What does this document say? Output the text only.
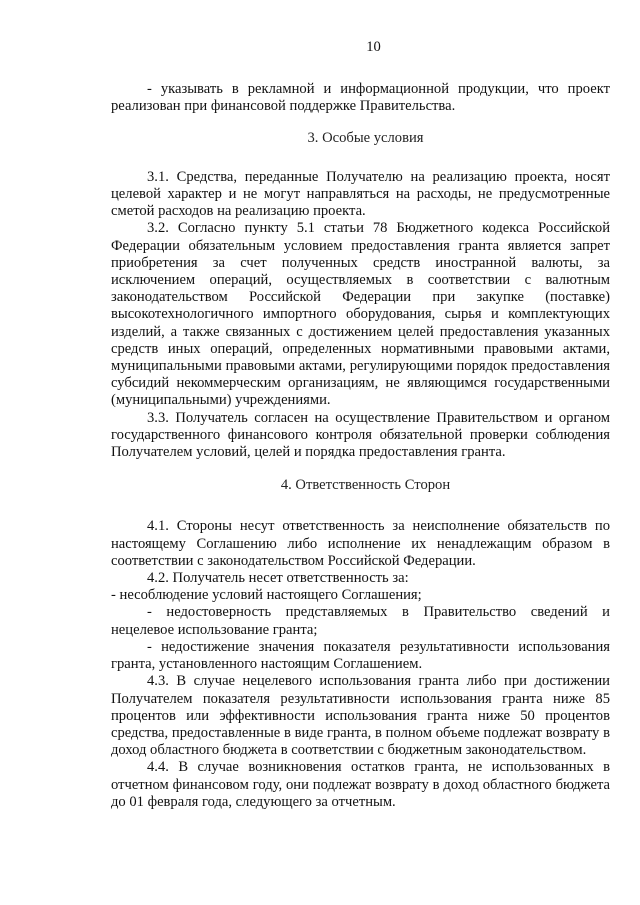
10

- указывать в рекламной и информационной продукции, что проект реализован при финансовой поддержке Правительства.

3. Особые условия

3.1. Средства, переданные Получателю на реализацию проекта, носят целевой характер и не могут направляться на расходы, не предусмотренные сметой расходов на реализацию проекта.

3.2. Согласно пункту 5.1 статьи 78 Бюджетного кодекса Российской Федерации обязательным условием предоставления гранта является запрет приобретения за счет полученных средств иностранной валюты, за исключением операций, осуществляемых в соответствии с валютным законодательством Российской Федерации при закупке (поставке) высокотехнологичного импортного оборудования, сырья и комплектующих изделий, а также связанных с достижением целей предоставления указанных средств иных операций, определенных нормативными правовыми актами, муниципальными правовыми актами, регулирующими порядок предоставления субсидий некоммерческим организациям, не являющимся государственными (муниципальными) учреждениями.

3.3. Получатель согласен на осуществление Правительством и органом государственного финансового контроля обязательной проверки соблюдения Получателем условий, целей и порядка предоставления гранта.

4. Ответственность Сторон

4.1. Стороны несут ответственность за неисполнение обязательств по настоящему Соглашению либо исполнение их ненадлежащим образом в соответствии с законодательством Российской Федерации.

4.2. Получатель несет ответственность за:

- несоблюдение условий настоящего Соглашения;

- недостоверность представляемых в Правительство сведений и нецелевое использование гранта;

- недостижение значения показателя результативности использования гранта, установленного настоящим Соглашением.

4.3. В случае нецелевого использования гранта либо при достижении Получателем показателя результативности использования гранта ниже 85 процентов или эффективности использования гранта ниже 50 процентов средства, предоставленные в виде гранта, в полном объеме подлежат возврату в доход областного бюджета в соответствии с бюджетным законодательством.

4.4. В случае возникновения остатков гранта, не использованных в отчетном финансовом году, они подлежат возврату в доход областного бюджета до 01 февраля года, следующего за отчетным.
